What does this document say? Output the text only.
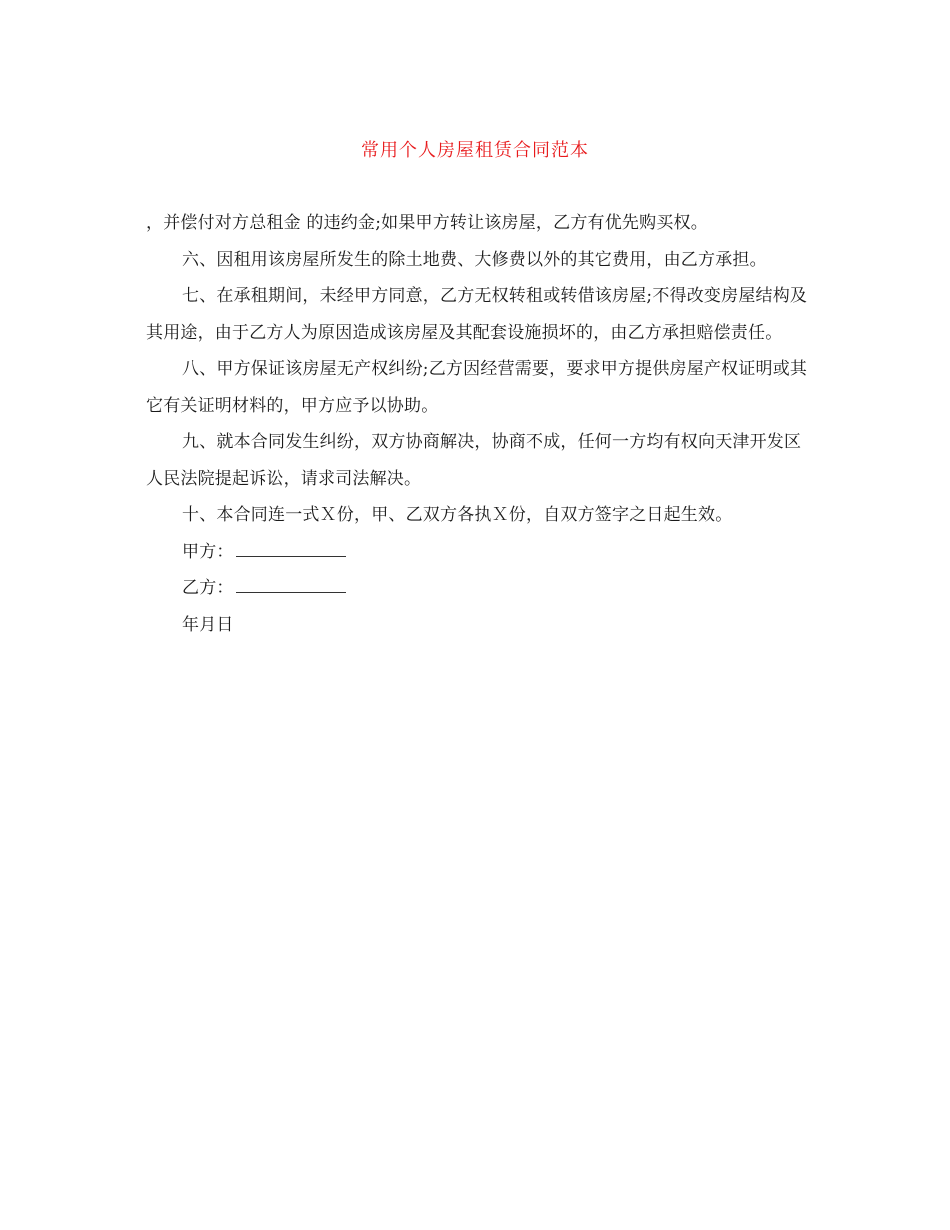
常用个人房屋租赁合同范本

，并偿付对方总租金 的违约金;如果甲方转让该房屋，乙方有优先购买权。

六、因租用该房屋所发生的除土地费、大修费以外的其它费用，由乙方承担。

七、在承租期间，未经甲方同意，乙方无权转租或转借该房屋;不得改变房屋结构及其用途，由于乙方人为原因造成该房屋及其配套设施损坏的，由乙方承担赔偿责任。

八、甲方保证该房屋无产权纠纷;乙方因经营需要，要求甲方提供房屋产权证明或其它有关证明材料的，甲方应予以协助。

九、就本合同发生纠纷，双方协商解决，协商不成，任何一方均有权向天津开发区人民法院提起诉讼，请求司法解决。

十、本合同连一式Ｘ份，甲、乙双方各执Ｘ份，自双方签字之日起生效。

甲方：

乙方：

年月日
